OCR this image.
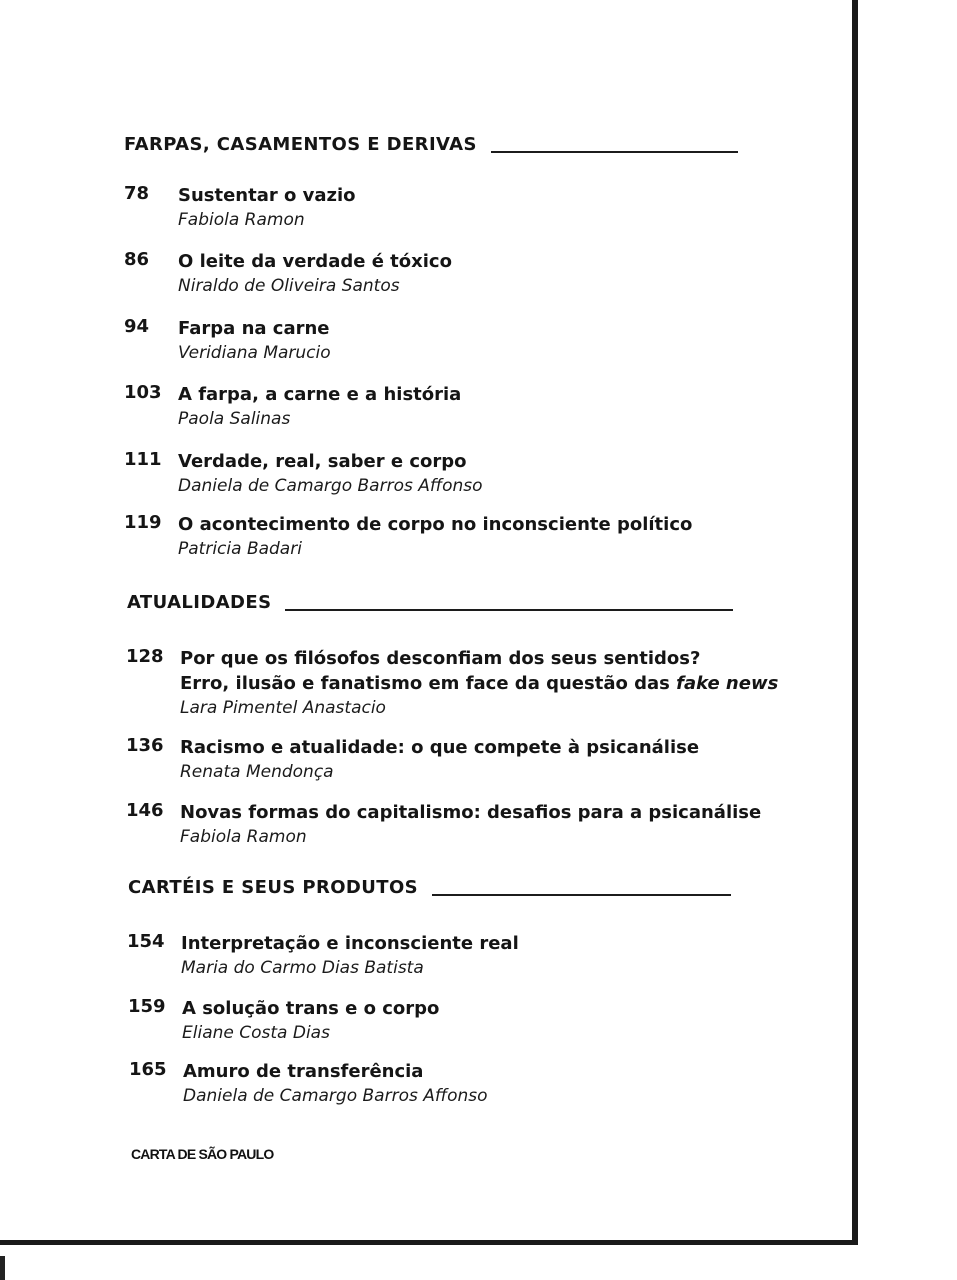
FARPAS, CASAMENTOS E DERIVAS
78 Sustentar o vazio
Fabiola Ramon
86 O leite da verdade é tóxico
Niraldo de Oliveira Santos
94 Farpa na carne
Veridiana Marucio
103 A farpa, a carne e a história
Paola Salinas
111 Verdade, real, saber e corpo
Daniela de Camargo Barros Affonso
119 O acontecimento de corpo no inconsciente político
Patricia Badari
ATUALIDADES
128 Por que os filósofos desconfiam dos seus sentidos?
Erro, ilusão e fanatismo em face da questão das fake news
Lara Pimentel Anastacio
136 Racismo e atualidade: o que compete à psicanálise
Renata Mendonça
146 Novas formas do capitalismo: desafios para a psicanálise
Fabiola Ramon
CARTÉIS E SEUS PRODUTOS
154 Interpretação e inconsciente real
Maria do Carmo Dias Batista
159 A solução trans e o corpo
Eliane Costa Dias
165 Amuro de transferência
Daniela de Camargo Barros Affonso
CARTA DE SÃO PAULO
